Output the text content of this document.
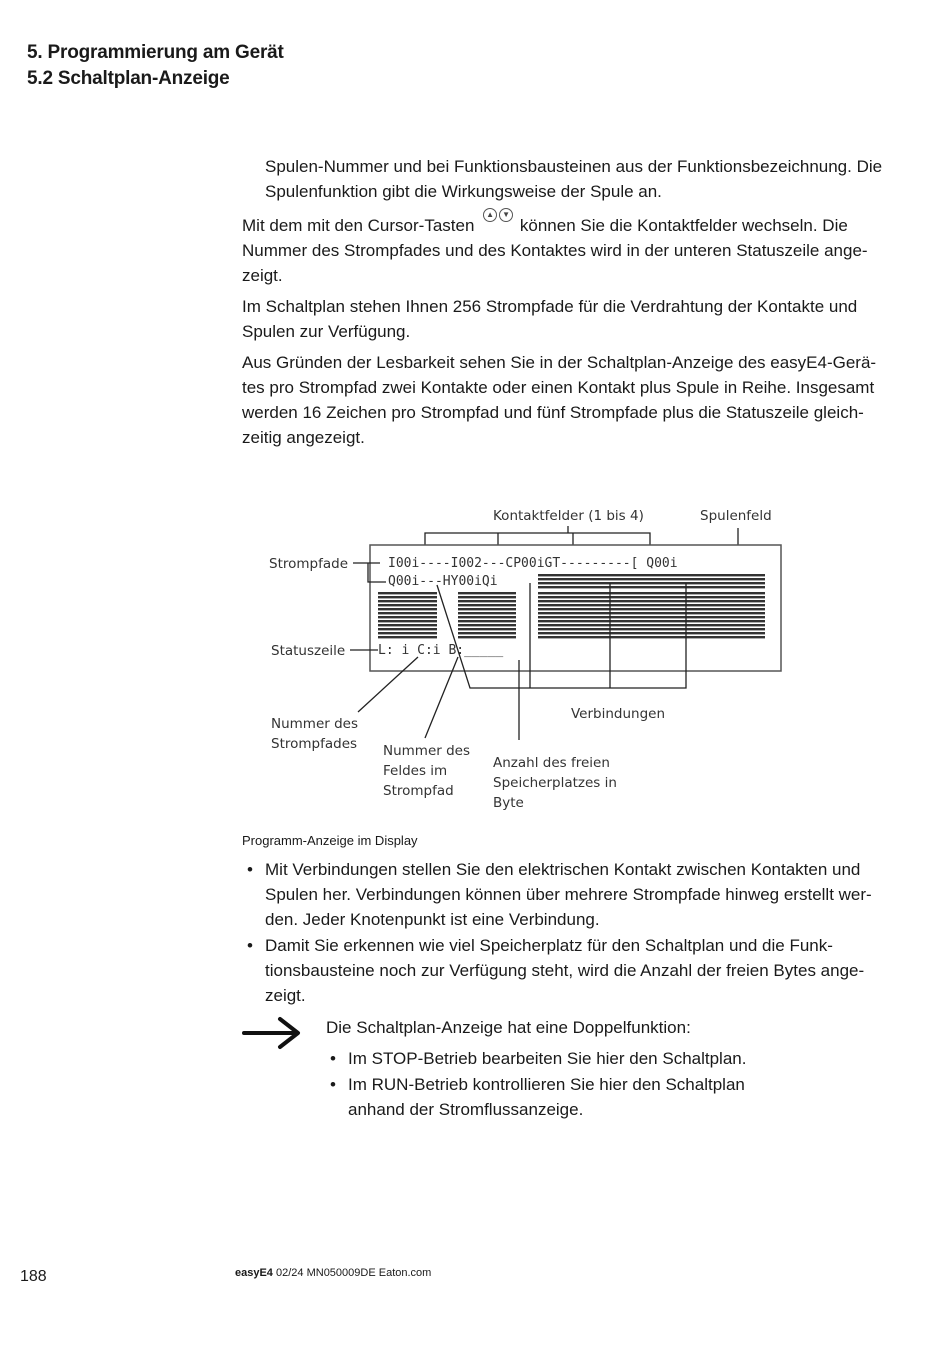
5. Programmierung am Gerät
5.2 Schaltplan-Anzeige
Spulen-Nummer und bei Funktionsbausteinen aus der Funktionsbezeichnung. Die
Spulenfunktion gibt die Wirkungsweise der Spule an.
Mit dem mit den Cursor-Tasten
▲	▼
können Sie die Kontaktfelder wechseln. Die
Nummer des Strompfades und des Kontaktes wird in der unteren Statuszeile ange-
zeigt.
Im Schaltplan stehen Ihnen 256 Strompfade für die Verdrahtung der Kontakte und
Spulen zur Verfügung.
Aus Gründen der Lesbarkeit sehen Sie in der Schaltplan-Anzeige des easyE4-Gerä-
tes pro Strompfad zwei Kontakte oder einen Kontakt plus Spule in Reihe. Insgesamt
werden 16 Zeichen pro Strompfad und fünf Strompfade plus die Statuszeile gleich-
zeitig angezeigt.
Kontaktfelder (1 bis 4)	Spulenfeld
I00i----I002---CP00iGT---------[ Q00i
Q00i---HY00iQi
L: i C:i B:_____
Strompfade
Statuszeile
Verbindungen
Nummer des
Strompfades Nummer des
Feldes im
Strompfad
Anzahl des freien
Speicherplatzes in
Byte
Programm-Anzeige im Display
• Mit Verbindungen stellen Sie den elektrischen Kontakt zwischen Kontakten und
Spulen her. Verbindungen können über mehrere Strompfade hinweg erstellt wer-
den. Jeder Knotenpunkt ist eine Verbindung.
• Damit Sie erkennen wie viel Speicherplatz für den Schaltplan und die Funk-
tionsbausteine noch zur Verfügung steht, wird die Anzahl der freien Bytes ange-
zeigt.
Die Schaltplan-Anzeige hat eine Doppelfunktion:
• Im STOP-Betrieb bearbeiten Sie hier den Schaltplan.
• Im RUN-Betrieb kontrollieren Sie hier den Schaltplan
anhand der Stromflussanzeige.
188	easyE4 02/24 MN050009DE Eaton.com
